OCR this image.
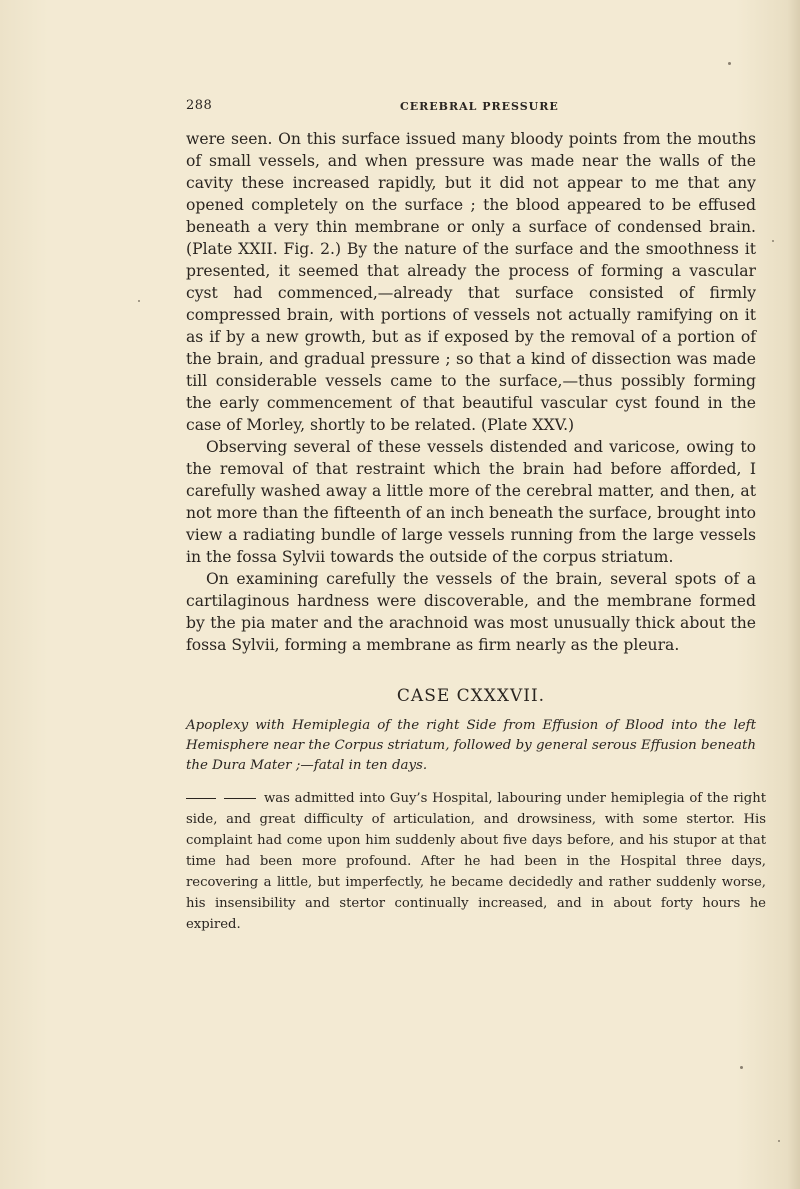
288	CEREBRAL PRESSURE

were seen. On this surface issued many bloody points from the mouths of small vessels, and when pressure was made near the walls of the cavity these increased rapidly, but it did not appear to me that any opened completely on the surface ; the blood appeared to be effused beneath a very thin membrane or only a surface of condensed brain. (Plate XXII. Fig. 2.) By the nature of the surface and the smoothness it presented, it seemed that already the process of forming a vascular cyst had commenced,—already that surface consisted of firmly compressed brain, with portions of vessels not actually ramifying on it as if by a new growth, but as if exposed by the removal of a portion of the brain, and gradual pressure ; so that a kind of dissection was made till considerable vessels came to the surface,—thus possibly forming the early commencement of that beautiful vascular cyst found in the case of Morley, shortly to be related. (Plate XXV.)

Observing several of these vessels distended and varicose, owing to the removal of that restraint which the brain had before afforded, I carefully washed away a little more of the cerebral matter, and then, at not more than the fifteenth of an inch beneath the surface, brought into view a radiating bundle of large vessels running from the large vessels in the fossa Sylvii towards the outside of the corpus striatum.

On examining carefully the vessels of the brain, several spots of a cartilaginous hardness were discoverable, and the membrane formed by the pia mater and the arachnoid was most unusually thick about the fossa Sylvii, forming a membrane as firm nearly as the pleura.

CASE CXXXVII.
Apoplexy with Hemiplegia of the right Side from Effusion of Blood into the left Hemisphere near the Corpus striatum, followed by general serous Effusion beneath the Dura Mater ;—fatal in ten days.
was admitted into Guy’s Hospital, labouring under hemiplegia of the right side, and great difficulty of articulation, and drowsiness, with some stertor. His complaint had come upon him suddenly about five days before, and his stupor at that time had been more profound. After he had been in the Hospital three days, recovering a little, but imperfectly, he became decidedly and rather suddenly worse, his insensibility and stertor continually increased, and in about forty hours he expired.
